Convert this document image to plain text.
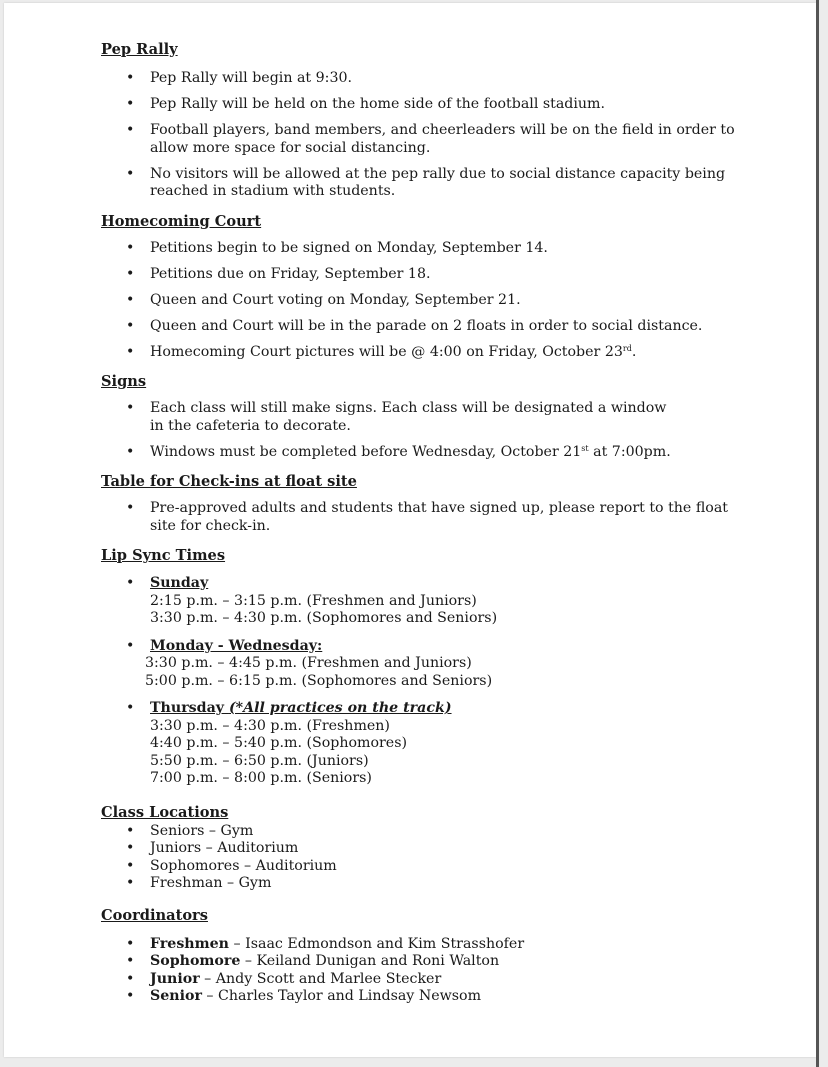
Pep Rally

• Pep Rally will begin at 9:30.
• Pep Rally will be held on the home side of the football stadium.
• Football players, band members, and cheerleaders will be on the field in order to allow more space for social distancing.
• No visitors will be allowed at the pep rally due to social distance capacity being reached in stadium with students.

Homecoming Court

• Petitions begin to be signed on Monday, September 14.
• Petitions due on Friday, September 18.
• Queen and Court voting on Monday, September 21.
• Queen and Court will be in the parade on 2 floats in order to social distance.
• Homecoming Court pictures will be @ 4:00 on Friday, October 23rd.

Signs

• Each class will still make signs. Each class will be designated a window
in the cafeteria to decorate.
• Windows must be completed before Wednesday, October 21st at 7:00pm.

Table for Check-ins at float site

• Pre-approved adults and students that have signed up, please report to the float site for check-in.

Lip Sync Times

• Sunday
2:15 p.m. – 3:15 p.m. (Freshmen and Juniors)
3:30 p.m. – 4:30 p.m. (Sophomores and Seniors)
• Monday - Wednesday:
3:30 p.m. – 4:45 p.m. (Freshmen and Juniors)
5:00 p.m. – 6:15 p.m. (Sophomores and Seniors)
• Thursday (*All practices on the track)
3:30 p.m. – 4:30 p.m. (Freshmen)
4:40 p.m. – 5:40 p.m. (Sophomores)
5:50 p.m. – 6:50 p.m. (Juniors)
7:00 p.m. – 8:00 p.m. (Seniors)

Class Locations

• Seniors – Gym
• Juniors – Auditorium
• Sophomores – Auditorium
• Freshman – Gym

Coordinators

• Freshmen – Isaac Edmondson and Kim Strasshofer
• Sophomore – Keiland Dunigan and Roni Walton
• Junior – Andy Scott and Marlee Stecker
• Senior – Charles Taylor and Lindsay Newsom
